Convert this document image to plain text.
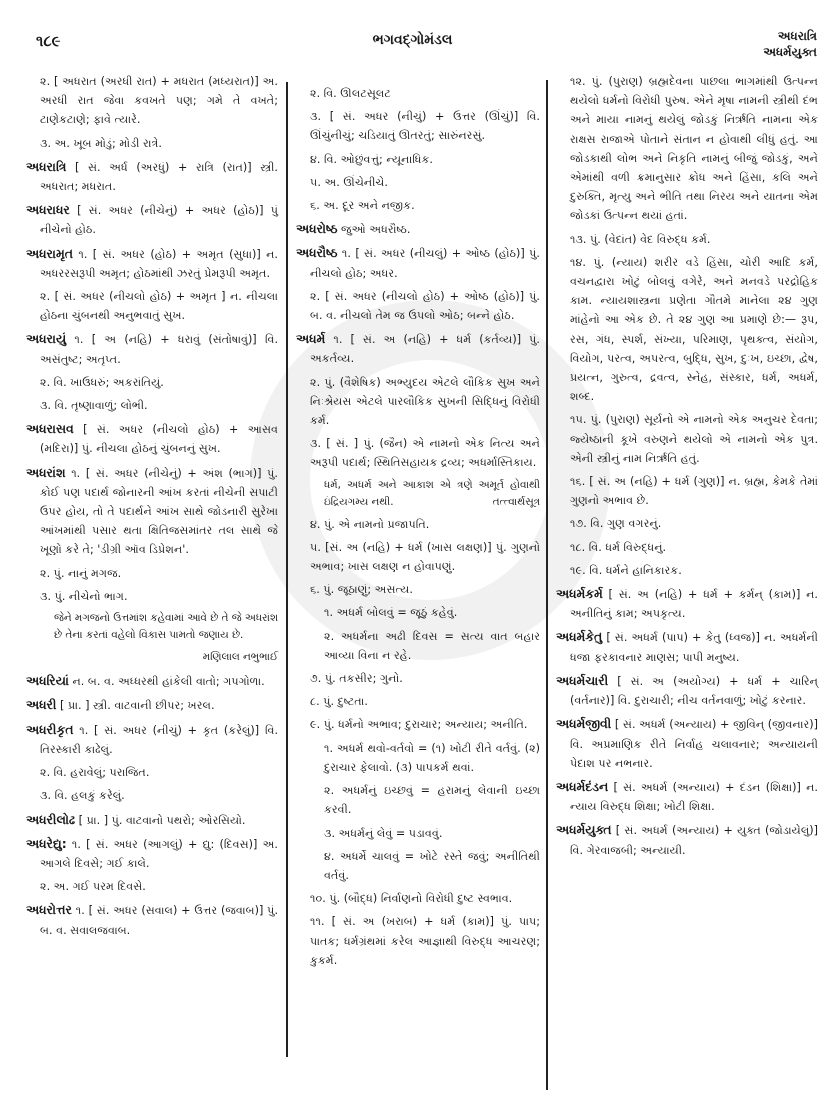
૧૮૯	ભગવદ્ગોમંડલ	અધરાત્રિ
અધર્મયુક્ત

૨. [ અધરાત (અરધી રાત) + મધરાત (મધ્યરાત)] અ. અરધી રાત જેવા કવખતે પણ; ગમે તે વખતે; ટાણેકટાણે; ફાવે ત્યારે.

૩. અ. ખૂબ મોડું; મોડી રાત્રે.

અધરાત્રિ [ સં. અર્ધ (અરધું) + રાત્રિ (રાત)] સ્ત્રી. અધરાત; મધરાત.

અધરાધર [ સં. અધર (નીચેનું) + અધર (હોઠ)] પું નીચેનો હોઠ.

અધરામૃત ૧. [ સં. અધર (હોઠ) + અમૃત (સુધા)] ન. અધરરસરૂપી અમૃત; હોઠમાંથી ઝરતું પ્રેમરૂપી અમૃત.

૨. [ સં. અધર (નીચલો હોઠ) + અમૃત ] ન. નીચલા હોઠના ચુંબનથી અનુભવાતું સુખ.

અધરાયું ૧. [ અ (નહિ) + ધરાવું (સંતોષાવું)] વિ. અસંતુષ્ટ; અતૃપ્ત.

૨. વિ. ખાઉધરું; અકરાંતિયું.

૩. વિ. તૃષ્ણાવાળું; લોભી.

અધરાસવ [ સં. અધર (નીચલો હોઠ) + આસવ (મદિરા)] પું. નીચલા હોઠનું ચુંબનનું સુખ.

અધરાંશ ૧. [ સં. અધર (નીચેનું) + અંશ (ભાગ)] પું. કોઈ પણ પદાર્થ જોનારની આંખ કરતાં નીચેની સપાટી ઉપર હોય, તો તે પદાર્થને આંખ સાથે જોડનારી સુરેખા આંખમાંથી પસાર થતા ક્ષિતિજસમાંતર તલ સાથે જે ખૂણો કરે તે; 'ડીગ્રી ઑવ ડિપ્રેશન'.

૨. પું. નાનું મગજ.

૩. પું. નીચેનો ભાગ.

જેને મગજનો ઉત્તમાંશ કહેવામાં આવે છે તે જે અધરાંશ છે તેના કરતાં વહેલો વિકાસ પામતો જણાય છે.

મણિલાલ નભુભાઈ

અધરિયાં ન. બ. વ. અધ્ધરથી હાંકેલી વાતો; ગપગોળા.

અધરી [ પ્રા. ] સ્ત્રી. વાટવાની છીપર; ખરલ.

અધરીકૃત ૧. [ સં. અધર (નીચું) + કૃત (કરેલું)] વિ. તિરસ્કારી કાઢેલું.

૨. વિ. હરાવેલું; પરાજિત.

૩. વિ. હલકું કરેલું.

અધરીલોઢ [ પ્રા. ] પું. વાટવાનો પથરો; ઓરસિયો.

અધરેદ્યુ: ૧. [ સં. અધર (આગલું) + દ્યુ: (દિવસ)] અ. આગલે દિવસે; ગઈ કાલે.

૨. અ. ગઈ પરમ દિવસે.

અધરોત્તર ૧. [ સં. અધર (સવાલ) + ઉત્તર (જવાબ)] પું. બ. વ. સવાલજવાબ.

૨. વિ. ઊલટસૂલટ

૩. [ સં. અધર (નીચું) + ઉત્તર (ઊંચું)] વિ. ઊંચુંનીચું; ચડિયાતું ઊતરતું; સારુંનરસું.

૪. વિ. ઓછુંવત્તું; ન્યૂનાધિક.

૫. અ. ઊંચેનીચે.

૬. અ. દૂર અને નજીક.

અધરોષ્ઠ જુઓ અધરૌષ્ઠ.

અધરૌષ્ઠ ૧. [ સં. અધર (નીચલું) + ઓષ્ઠ (હોઠ)] પું. નીચલો હોઠ; અધર.

૨. [ સં. અધર (નીચલો હોઠ) + ઓષ્ઠ (હોઠ)] પું. બ. વ. નીચલો તેમ જ ઉપલો ઓઠ; બન્ને હોઠ.

અધર્મ ૧. [ સં. અ (નહિ) + ધર્મ (કર્તવ્ય)] પું. અકર્તવ્ય.

૨. પું. (વૈશેષિક) અભ્યુદય એટલે લૌકિક સુખ અને નિઃશ્રેયસ એટલે પારલૌકિક સુખની સિદ્ધિનું વિરોધી કર્મ.

૩. [ સં. ] પું. (જૈન) એ નામનો એક નિત્ય અને અરૂપી પદાર્થ; સ્થિતિસહાયક દ્રવ્ય; અધર્માસ્તિકાય.

ધર્મ, અધર્મ અને આકાશ એ ત્રણે અમૂર્ત હોવાથી ઇંદ્રિયગમ્ય નથી.	તત્ત્વાર્થસૂત્ર

૪. પું. એ નામનો પ્રજાપતિ.

૫. [સં. અ (નહિ) + ધર્મ (ખાસ લક્ષણ)] પું. ગુણનો અભાવ; ખાસ લક્ષણ ન હોવાપણું.

૬. પું. જૂઠાણું; અસત્ય.

૧. અધર્મ બોલવું = જૂઠું કહેવું.

૨. અધર્મના અઢી દિવસ = સત્ય વાત બહાર આવ્યા વિના ન રહે.

૭. પું. તકસીર; ગુનો.

૮. પું. દુષ્ટતા.

૯. પું. ધર્મનો અભાવ; દુરાચાર; અન્યાય; અનીતિ.

૧. અધર્મ થવો-વર્તવો = (૧) ખોટી રીતે વર્તવું. (૨) દુરાચાર ફેલાવો. (૩) પાપકર્મ થવાં.

૨. અધર્મનું ઇચ્છવું = હરામનું લેવાની ઇચ્છા કરવી.

૩. અધર્મનું લેવું = પડાવવું.

૪. અધર્મે ચાલવું = ખોટે રસ્તે જવું; અનીતિથી વર્તવું.

૧૦. પું. (બૌદ્ધ) નિર્વાણનો વિરોધી દુષ્ટ સ્વભાવ.

૧૧. [ સં. અ (ખરાબ) + ધર્મ (કામ)] પું. પાપ; પાતક; ધર્મગ્રંથમાં કરેલ આજ્ઞાથી વિરુદ્ધ આચરણ; કુકર્મ.

૧૨. પું. (પુરાણ) બ્રહ્મદેવના પાછલા ભાગમાંથી ઉત્પન્ન થયેલો ધર્મનો વિરોધી પુરુષ. એને મૃષા નામની સ્ત્રીથી દંભ અને માયા નામનું થયેલું જોડકું નિર્ઋતિ નામના એક રાક્ષસ રાજાએ પોતાને સંતાન ન હોવાથી લીધું હતું. આ જોડકાથી લોભ અને નિકૃતિ નામનું બીજું જોડકું, અને એમાંથી વળી ક્રમાનુસાર ક્રોધ અને હિંસા, કલિ અને દુરુક્તિ, મૃત્યુ અને ભીતિ તથા નિરય અને યાતના એમ જોડકાં ઉત્પન્ન થયાં હતાં.

૧૩. પું. (વેદાંત) વેદ વિરુદ્ધ કર્મ.

૧૪. પું. (ન્યાય) શરીર વડે હિંસા, ચોરી આદિ કર્મ, વચનદ્વારા ખોટું બોલવું વગેરે, અને મનવડે પરદ્રોહિક કામ. ન્યાયશાસ્ત્રના પ્રણેતા ગૌતમે માનેલા ૨૪ ગુણ માંહેનો આ એક છે. તે ૨૪ ગુણ આ પ્રમાણે છે:— રૂપ, રસ, ગંધ, સ્પર્શ, સંખ્યા, પરિમાણ, પૃથક્ત્વ, સંયોગ, વિયોગ, પરત્વ, અપરત્વ, બુદ્ધિ, સુખ, દુઃખ, ઇચ્છા, દ્વેષ, પ્રયત્ન, ગુરુત્વ, દ્રવત્વ, સ્નેહ, સંસ્કાર, ધર્મ, અધર્મ, શબ્દ.

૧૫. પું. (પુરાણ) સૂર્યનો એ નામનો એક અનુચર દેવતા; જ્યેષ્ઠાની કૂખે વરુણને થયેલો એ નામનો એક પુત્ર. એની સ્ત્રીનું નામ નિર્ઋતિ હતું.

૧૬. [ સં. અ (નહિ) + ધર્મ (ગુણ)] ન. બ્રહ્મ, કેમકે તેમાં ગુણનો અભાવ છે.

૧૭. વિ. ગુણ વગરનું.

૧૮. વિ. ધર્મ વિરુદ્ધનું.

૧૯. વિ. ધર્મને હાનિકારક.

અધર્મકર્મ [ સં. અ (નહિ) + ધર્મ + કર્મન્ (કામ)] ન. અનીતિનું કામ; અપકૃત્ય.

અધર્મકેતુ [ સં. અધર્મ (પાપ) + કેતુ (ધ્વજ)] ન. અધર્મની ધજા ફરકાવનાર માણસ; પાપી મનુષ્ય.

અધર્મચારી [ સં. અ (અયોગ્ય) + ધર્મ + ચારિન્ (વર્તનાર)] વિ. દુરાચારી; નીચ વર્તનવાળું; ખોટું કરનાર.

અધર્મજીવી [ સં. અધર્મ (અન્યાય) + જીવિન્ (જીવનાર)] વિ. અપ્રમાણિક રીતે નિર્વાહ ચલાવનાર; અન્યાયની પેદાશ પર નભનાર.

અધર્મદંડન [ સં. અધર્મ (અન્યાય) + દંડન (શિક્ષા)] ન. ન્યાય વિરુદ્ધ શિક્ષા; ખોટી શિક્ષા.

અધર્મયુક્ત [ સં. અધર્મ (અન્યાય) + યુક્ત (જોડાયેલું)] વિ. ગેરવાજબી; અન્યાયી.
